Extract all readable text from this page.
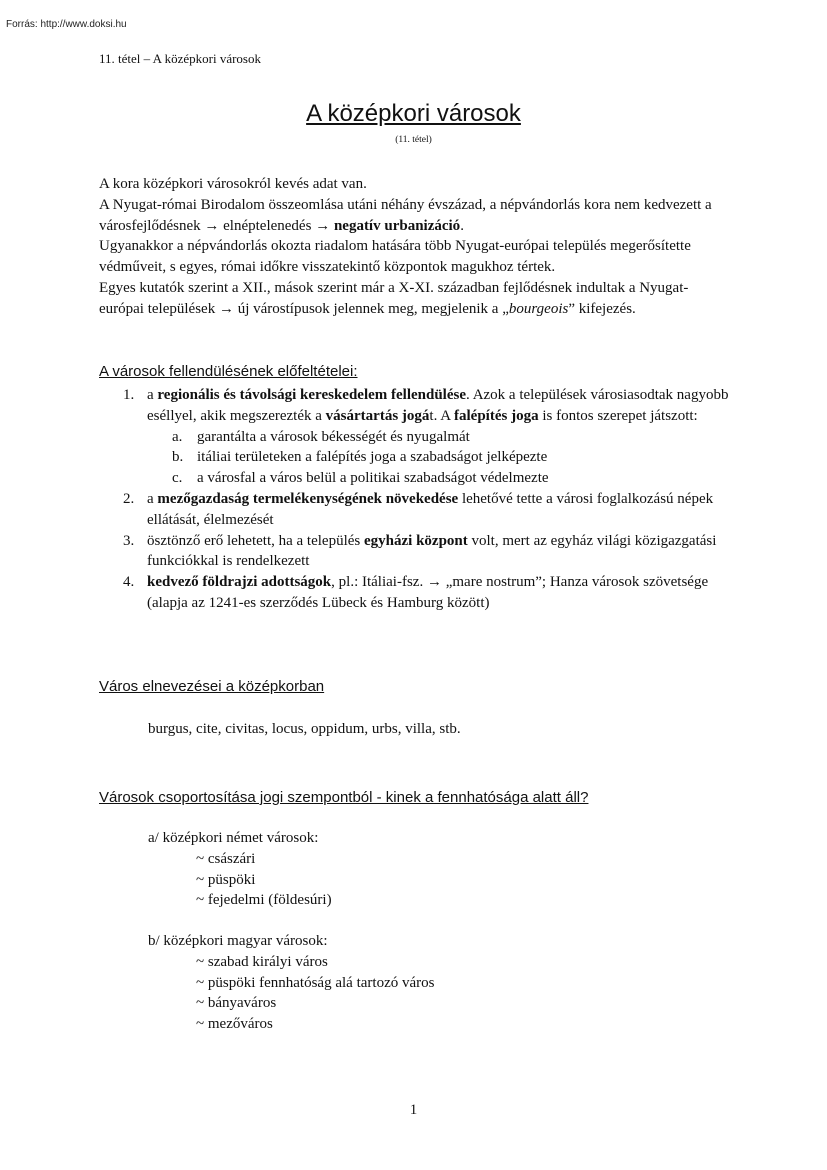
Forrás: http://www.doksi.hu
11. tétel – A középkori városok
A középkori városok
(11. tétel)

A kora középkori városokról kevés adat van.

A Nyugat-római Birodalom összeomlása utáni néhány évszázad, a népvándorlás kora nem kedvezett a városfejlődésnek → elnéptelenedés → negatív urbanizáció.

Ugyanakkor a népvándorlás okozta riadalom hatására több Nyugat-európai település megerősítette védműveit, s egyes, római időkre visszatekintő központok magukhoz tértek.

Egyes kutatók szerint a XII., mások szerint már a X-XI. században fejlődésnek indultak a Nyugat-európai települések → új várostípusok jelennek meg, megjelenik a „bourgeois” kifejezés.

A városok fellendülésének előfeltételei:
1. a regionális és távolsági kereskedelem fellendülése. Azok a települések városiasodtak nagyobb eséllyel, akik megszerezték a vásártartás jogát. A falépítés joga is fontos szerepet játszott:
a. garantálta a városok békességét és nyugalmát
b. itáliai területeken a falépítés joga a szabadságot jelképezte
c. a városfal a város belül a politikai szabadságot védelmezte
2. a mezőgazdaság termelékenységének növekedése lehetővé tette a városi foglalkozású népek ellátását, élelmezését
3. ösztönző erő lehetett, ha a település egyházi központ volt, mert az egyház világi közigazgatási funkciókkal is rendelkezett
4. kedvező földrajzi adottságok, pl.: Itáliai-fsz. → „mare nostrum”; Hanza városok szövetsége (alapja az 1241-es szerződés Lübeck és Hamburg között)
Város elnevezései a középkorban
burgus, cite, civitas, locus, oppidum, urbs, villa, stb.
Városok csoportosítása jogi szempontból - kinek a fennhatósága alatt áll?
a/ középkori német városok:
~ császári
~ püspöki
~ fejedelmi (földesúri)
b/ középkori magyar városok:
~ szabad királyi város
~ püspöki fennhatóság alá tartozó város
~ bányaváros
~ mezőváros
1
